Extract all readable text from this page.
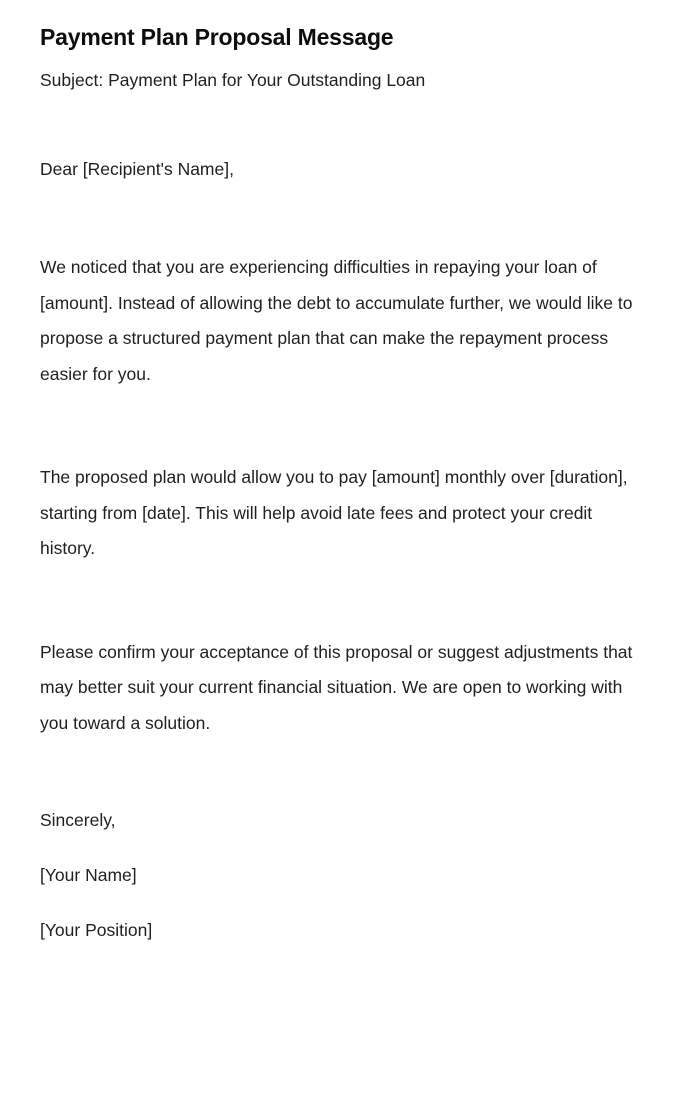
Payment Plan Proposal Message

Subject: Payment Plan for Your Outstanding Loan

Dear [Recipient's Name],

We noticed that you are experiencing difficulties in repaying your loan of [amount]. Instead of allowing the debt to accumulate further, we would like to propose a structured payment plan that can make the repayment process easier for you.

The proposed plan would allow you to pay [amount] monthly over [duration], starting from [date]. This will help avoid late fees and protect your credit history.

Please confirm your acceptance of this proposal or suggest adjustments that may better suit your current financial situation. We are open to working with you toward a solution.

Sincerely,

[Your Name]

[Your Position]
